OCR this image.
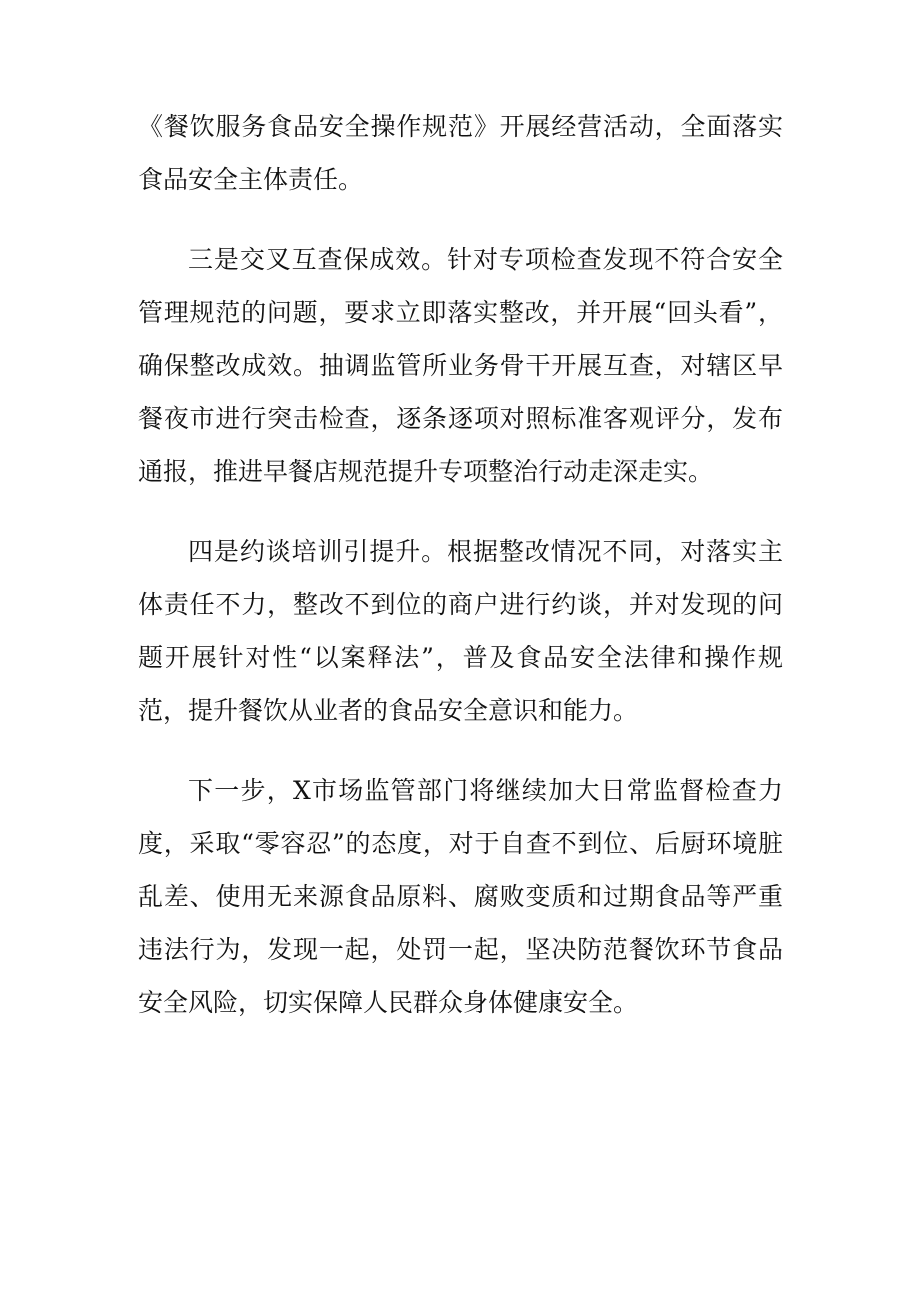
《餐饮服务食品安全操作规范》开展经营活动，全面落实食品安全主体责任。

三是交叉互查保成效。针对专项检查发现不符合安全管理规范的问题，要求立即落实整改，并开展“回头看”，确保整改成效。抽调监管所业务骨干开展互查，对辖区早餐夜市进行突击检查，逐条逐项对照标准客观评分，发布通报，推进早餐店规范提升专项整治行动走深走实。

四是约谈培训引提升。根据整改情况不同，对落实主体责任不力，整改不到位的商户进行约谈，并对发现的问题开展针对性“以案释法”，普及食品安全法律和操作规范，提升餐饮从业者的食品安全意识和能力。

下一步，X市场监管部门将继续加大日常监督检查力度，采取“零容忍”的态度，对于自查不到位、后厨环境脏乱差、使用无来源食品原料、腐败变质和过期食品等严重违法行为，发现一起，处罚一起，坚决防范餐饮环节食品安全风险，切实保障人民群众身体健康安全。
